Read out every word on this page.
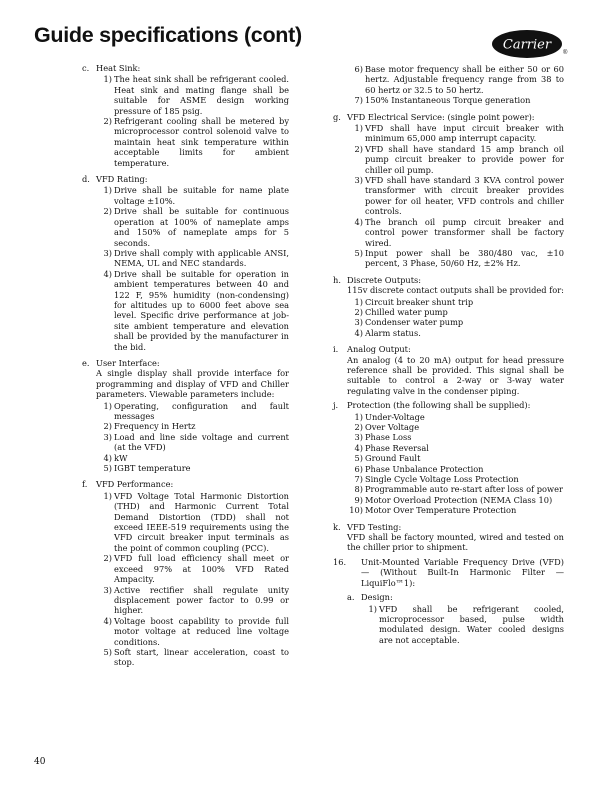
Guide specifications (cont)	Carrier
®
c. Heat Sink:
1) The heat sink shall be refrigerant cooled. Heat sink and mating flange shall be suitable for ASME design working pressure of 185 psig.
2) Refrigerant cooling shall be metered by microprocessor control solenoid valve to maintain heat sink temperature within acceptable limits for ambient temperature.
d. VFD Rating:
1) Drive shall be suitable for name plate voltage ±10%.
2) Drive shall be suitable for continuous operation at 100% of nameplate amps and 150% of nameplate amps for 5 seconds.
3) Drive shall comply with applicable ANSI, NEMA, UL and NEC standards.
4) Drive shall be suitable for operation in ambient temperatures between 40 and 122 F, 95% humidity (non-condensing) for altitudes up to 6000 feet above sea level. Specific drive performance at job-site ambient temperature and elevation shall be provided by the manufacturer in the bid.
e. User Interface:
A single display shall provide interface for programming and display of VFD and Chiller parameters. Viewable parameters include:
1) Operating, configuration and fault messages
2) Frequency in Hertz
3) Load and line side voltage and current (at the VFD)
4) kW
5) IGBT temperature
f. VFD Performance:
1) VFD Voltage Total Harmonic Distortion (THD) and Harmonic Current Total Demand Distortion (TDD) shall not exceed IEEE-519 requirements using the VFD circuit breaker input terminals as the point of common coupling (PCC).
2) VFD full load efficiency shall meet or exceed 97% at 100% VFD Rated Ampacity.
3) Active rectifier shall regulate unity displacement power factor to 0.99 or higher.
4) Voltage boost capability to provide full motor voltage at reduced line voltage conditions.
5) Soft start, linear acceleration, coast to stop.
6) Base motor frequency shall be either 50 or 60 hertz. Adjustable frequency range from 38 to 60 hertz or 32.5 to 50 hertz.
7) 150% Instantaneous Torque generation
g. VFD Electrical Service: (single point power):
1) VFD shall have input circuit breaker with minimum 65,000 amp interrupt capacity.
2) VFD shall have standard 15 amp branch oil pump circuit breaker to provide power for chiller oil pump.
3) VFD shall have standard 3 KVA control power transformer with circuit breaker provides power for oil heater, VFD controls and chiller controls.
4) The branch oil pump circuit breaker and control power transformer shall be factory wired.
5) Input power shall be 380/480 vac, ±10 percent, 3 Phase, 50/60 Hz, ±2% Hz.
h. Discrete Outputs:
115v discrete contact outputs shall be provided for:
1) Circuit breaker shunt trip
2) Chilled water pump
3) Condenser water pump
4) Alarm status.
i. Analog Output:
An analog (4 to 20 mA) output for head pressure reference shall be provided. This signal shall be suitable to control a 2-way or 3-way water regulating valve in the condenser piping.
j. Protection (the following shall be supplied):
1) Under-Voltage
2) Over Voltage
3) Phase Loss
4) Phase Reversal
5) Ground Fault
6) Phase Unbalance Protection
7) Single Cycle Voltage Loss Protection
8) Programmable auto re-start after loss of power
9) Motor Overload Protection (NEMA Class 10)
10) Motor Over Temperature Protection
k. VFD Testing:
VFD shall be factory mounted, wired and tested on the chiller prior to shipment.
16. Unit-Mounted Variable Frequency Drive (VFD) — (Without Built-In Harmonic Filter — LiquiFlo™1):
a. Design:
1) VFD shall be refrigerant cooled, microprocessor based, pulse width modulated design. Water cooled designs are not acceptable.
40
